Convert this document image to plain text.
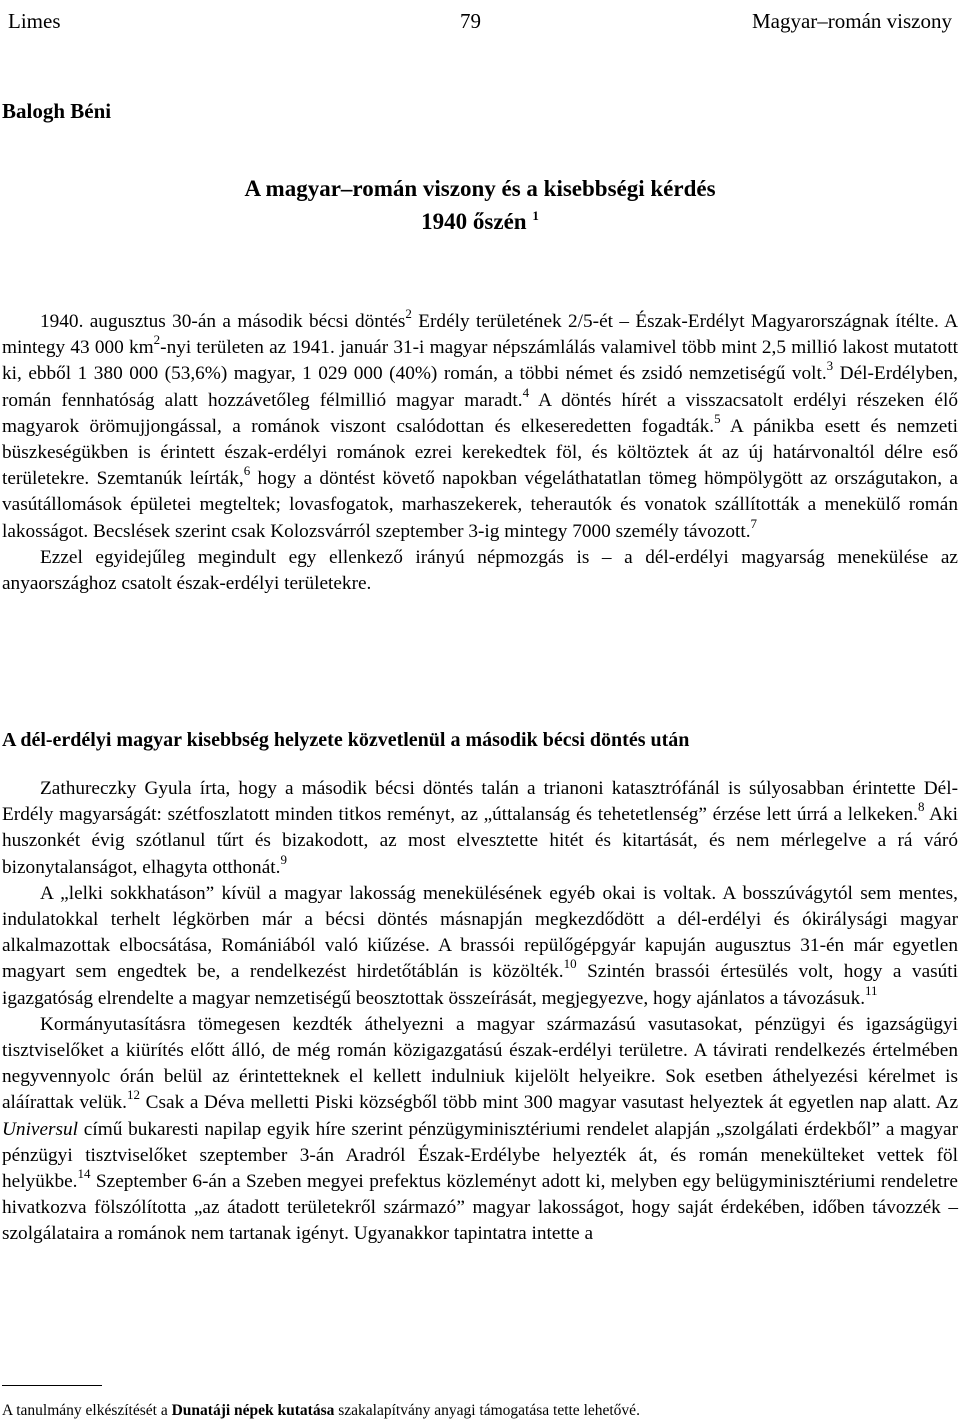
Limes	79	Magyar–román viszony
Balogh Béni
A magyar–román viszony és a kisebbségi kérdés
1940 őszén $^1$

1940. augusztus 30-án a második bécsi döntés$^2$ Erdély területének 2/5-ét – Észak-Erdélyt Magyarországnak ítélte. A mintegy 43 000 $km^2$-nyi területen az 1941. január 31-i magyar népszámlálás valamivel több mint 2,5 millió lakost mutatott ki, ebből 1 380 000 (53,6%) magyar, 1 029 000 (40%) román, a többi német és zsidó nemzetiségű volt.$^3$ Dél-Erdélyben, román fennhatóság alatt hozzávetőleg félmillió magyar maradt.$^4$ A döntés hírét a visszacsatolt erdélyi részeken élő magyarok örömujjongással, a románok viszont csalódottan és elkeseredetten fogadták.$^5$ A pánikba esett és nemzeti büszkeségükben is érintett észak-erdélyi románok ezrei kerekedtek föl, és költöztek át az új határvonaltól délre eső területekre. Szemtanúk leírták,$^6$ hogy a döntést követő napokban végeláthatatlan tömeg hömpölygött az országutakon, a vasútállomások épületei megteltek; lovasfogatok, marhaszekerek, teherautók és vonatok szállították a menekülő román lakosságot. Becslések szerint csak Kolozsvárról szeptember 3-ig mintegy 7000 személy távozott.$^7$

Ezzel egyidejűleg megindult egy ellenkező irányú népmozgás is – a dél-erdélyi magyarság menekülése az anyaországhoz csatolt észak-erdélyi területekre.

A dél-erdélyi magyar kisebbség helyzete közvetlenül a második bécsi döntés után

Zathureczky Gyula írta, hogy a második bécsi döntés talán a trianoni katasztrófánál is súlyosabban érintette Dél-Erdély magyarságát: szétfoszlatott minden titkos reményt, az „úttalanság és tehetetlenség” érzése lett úrrá a lelkeken.$^8$ Aki huszonkét évig szótlanul tűrt és bizakodott, az most elvesztette hitét és kitartását, és nem mérlegelve a rá váró bizonytalanságot, elhagyta otthonát.$^9$

A „lelki sokkhatáson” kívül a magyar lakosság menekülésének egyéb okai is voltak. A bosszúvágytól sem mentes, indulatokkal terhelt légkörben már a bécsi döntés másnapján megkezdődött a dél-erdélyi és ókirálysági magyar alkalmazottak elbocsátása, Romániából való kiűzése. A brassói repülőgépgyár kapuján augusztus 31-én már egyetlen magyart sem engedtek be, a rendelkezést hirdetőtáblán is közölték.$^{10}$ Szintén brassói értesülés volt, hogy a vasúti igazgatóság elrendelte a magyar nemzetiségű beosztottak összeírását, megjegyezve, hogy ajánlatos a távozásuk.$^{11}$

Kormányutasításra tömegesen kezdték áthelyezni a magyar származású vasutasokat, pénzügyi és igazságügyi tisztviselőket a kiürítés előtt álló, de még román közigazgatású észak-erdélyi területre. A távirati rendelkezés értelmében negyvennyolc órán belül az érintetteknek el kellett indulniuk kijelölt helyeikre. Sok esetben áthelyezési kérelmet is aláírattak velük.$^{12}$ Csak a Déva melletti Piski községből több mint 300 magyar vasutast helyeztek át egyetlen nap alatt. Az Universul című bukaresti napilap egyik híre szerint pénzügyminisztériumi rendelet alapján „szolgálati érdekből” a magyar pénzügyi tisztviselőket szeptember 3-án Aradról Észak-Erdélybe helyezték át, és román menekülteket vettek föl helyükbe.$^{14}$ Szeptember 6-án a Szeben megyei prefektus közleményt adott ki, melyben egy belügyminisztériumi rendeletre hivatkozva fölszólította „az átadott területekről származó” magyar lakosságot, hogy saját érdekében, időben távozzék – szolgálataira a románok nem tartanak igényt. Ugyanakkor tapintatra intette a

A tanulmány elkészítését a Dunatáji népek kutatása szakalapítvány anyagi támogatása tette lehetővé.
